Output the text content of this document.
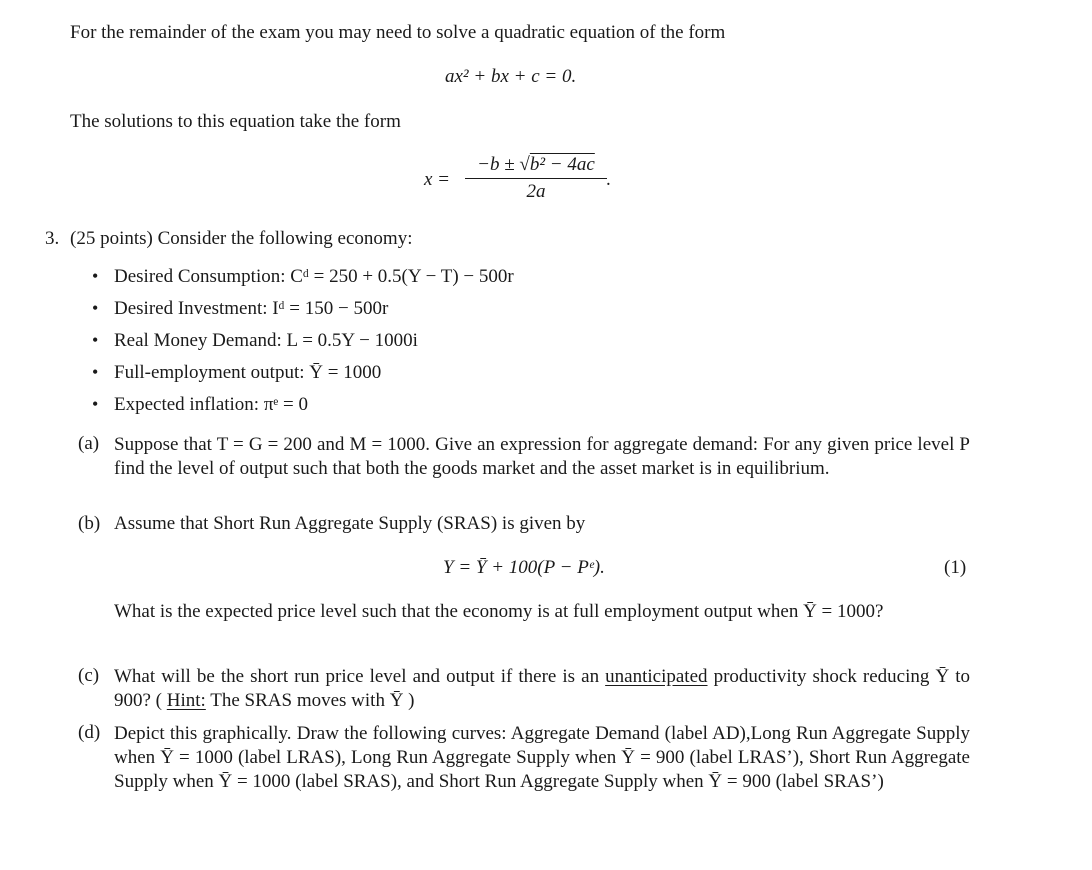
For the remainder of the exam you may need to solve a quadratic equation of the form
ax² + bx + c = 0.
The solutions to this equation take the form
$x = \frac{\text{−b ± √b² − 4ac}}{2a}$ .
3. (25 points) Consider the following economy:
• Desired Consumption: Cᵈ = 250 + 0.5(Y − T) − 500r
• Desired Investment: Iᵈ = 150 − 500r
• Real Money Demand: L = 0.5Y − 1000i
• Full-employment output: Ȳ = 1000
• Expected inflation: πᵉ = 0
(a) Suppose that T = G = 200 and M = 1000. Give an expression for aggregate demand: For any given price level P find the level of output such that both the goods market and the asset market is in equilibrium.
(b) Assume that Short Run Aggregate Supply (SRAS) is given by
Y = Ȳ + 100(P − Pᵉ).	(1)
What is the expected price level such that the economy is at full employment output when Ȳ = 1000?
(c) What will be the short run price level and output if there is an unanticipated productivity shock reducing Ȳ to 900? ( Hint: The SRAS moves with Ȳ )
(d) Depict this graphically. Draw the following curves: Aggregate Demand (label AD),Long Run Aggregate Supply when Ȳ = 1000 (label LRAS), Long Run Aggregate Supply when Ȳ = 900 (label LRAS’), Short Run Aggregate Supply when Ȳ = 1000 (label SRAS), and Short Run Aggregate Supply when Ȳ = 900 (label SRAS’)
